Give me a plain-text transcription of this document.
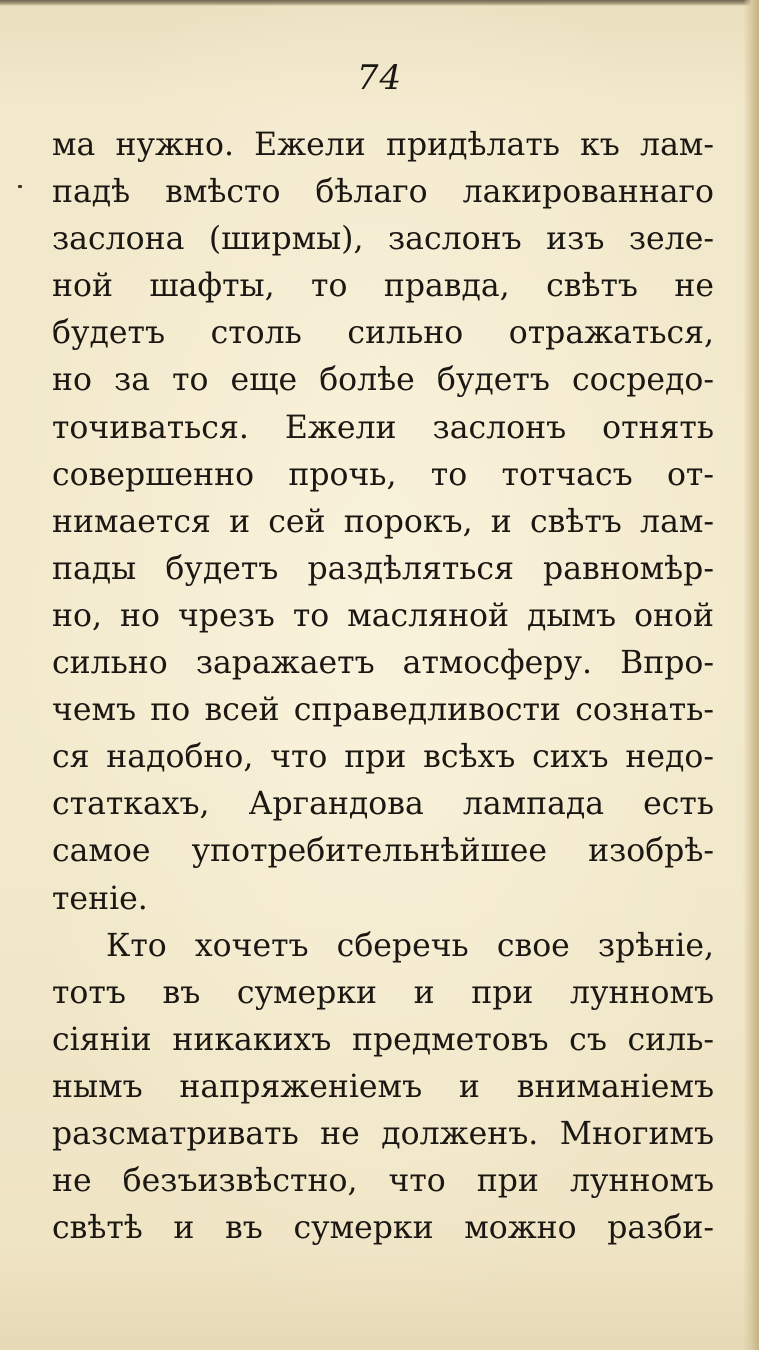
74
ма нужно. Ежели придѣлать къ лам-
падѣ вмѣсто бѣлаго лакированнаго
заслона (ширмы), заслонъ изъ зеле-
ной шафты, то правда, свѣтъ не
будетъ столь сильно отражаться,
но за то еще болѣе будетъ сосредо-
точиваться. Ежели заслонъ отнять
совершенно прочь, то тотчасъ от-
нимается и сей порокъ, и свѣтъ лам-
пады будетъ раздѣляться равномѣр-
но, но чрезъ то масляной дымъ оной
сильно заражаетъ атмосферу. Впро-
чемъ по всей справедливости сознать-
ся надобно, что при всѣхъ сихъ недо-
статкахъ, Аргандова лампада есть
самое употребительнѣйшее изобрѣ-
теніе.
Кто хочетъ сберечь свое зрѣніе,
тотъ въ сумерки и при лунномъ
сіяніи никакихъ предметовъ съ силь-
нымъ напряженіемъ и вниманіемъ
разсматривать не долженъ. Многимъ
не безъизвѣстно, что при лунномъ
свѣтѣ и въ сумерки можно разби-
